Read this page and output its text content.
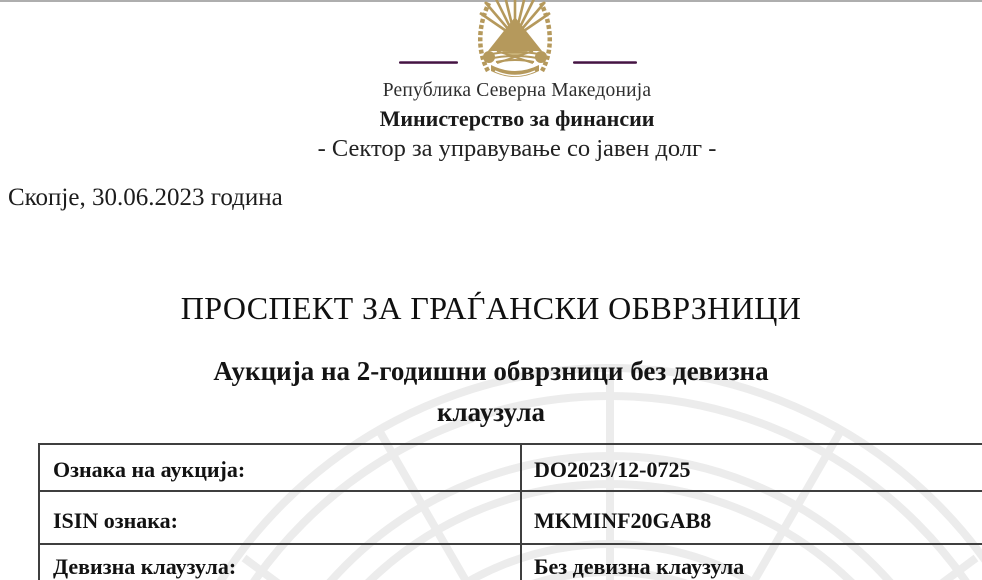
Република Северна Македонија
Министерство за финансии
- Сектор за управување со јавен долг -
Скопје, 30.06.2023 година
ПРОСПЕКТ ЗА ГРАЃАНСКИ ОБВРЗНИЦИ
Аукција на 2-годишни обврзници без девизна
клаузула
Ознака на аукција:	DO2023/12-0725
ISIN ознака:	MKMINF20GAB8
Девизна клаузула:	Без девизна клаузула
